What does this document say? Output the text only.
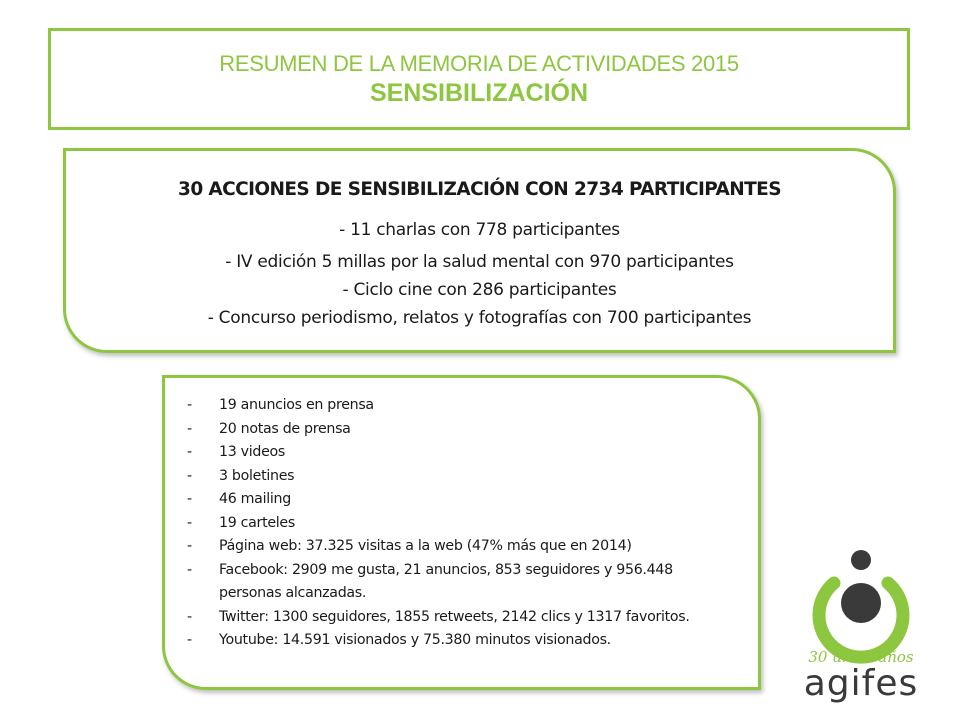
RESUMEN DE LA MEMORIA DE ACTIVIDADES 2015
SENSIBILIZACIÓN
30 ACCIONES DE SENSIBILIZACIÓN CON 2734 PARTICIPANTES
- 11 charlas con 778 participantes
- IV edición 5 millas por la salud mental con 970 participantes
- Ciclo cine con 286 participantes
- Concurso periodismo, relatos y fotografías con 700 participantes
-	19 anuncios en prensa
-	20 notas de prensa
-	13 videos
-	3 boletines
-	46 mailing
-	19 carteles
-	Página web: 37.325 visitas a la web (47% más que en 2014)
-	Facebook: 2909 me gusta, 21 anuncios, 853 seguidores y 956.448 personas alcanzadas.
-	Twitter: 1300 seguidores, 1855 retweets, 2142 clics y 1317 favoritos.
-	Youtube: 14.591 visionados y 75.380 minutos visionados.
30 urte · años
agifes
